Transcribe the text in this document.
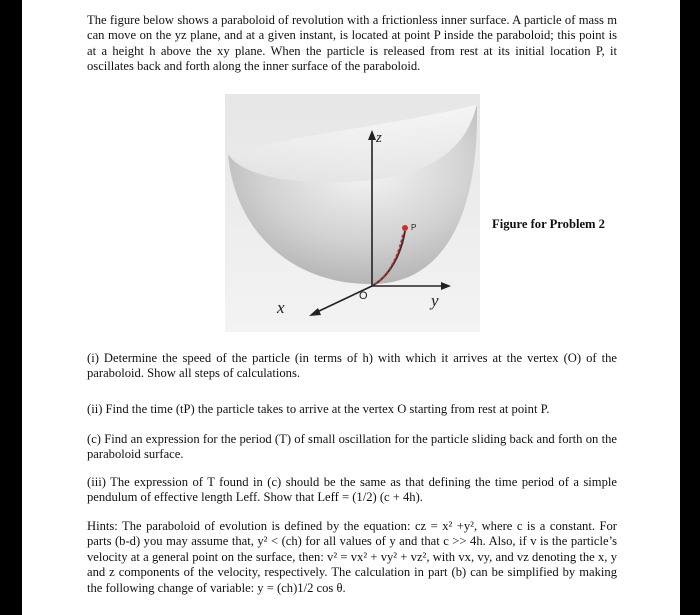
The figure below shows a paraboloid of revolution with a frictionless inner surface. A particle of mass m can move on the yz plane, and at a given instant, is located at point P inside the paraboloid; this point is at a height h above the xy plane. When the particle is released from rest at its initial location P, it oscillates back and forth along the inner surface of the paraboloid.

z
P
O
x	y
Figure for Problem 2

(i) Determine the speed of the particle (in terms of h) with which it arrives at the vertex (O) of the paraboloid. Show all steps of calculations.

(ii) Find the time (tP) the particle takes to arrive at the vertex O starting from rest at point P.

(c) Find an expression for the period (T) of small oscillation for the particle sliding back and forth on the paraboloid surface.

(iii) The expression of T found in (c) should be the same as that defining the time period of a simple pendulum of effective length Leff. Show that Leff = (1/2) (c + 4h).

Hints: The paraboloid of evolution is defined by the equation: cz = x² +y², where c is a constant. For parts (b-d) you may assume that, y² < (ch) for all values of y and that c >> 4h. Also, if v is the particle’s velocity at a general point on the surface, then: v² = vx² + vy² + vz², with vx, vy, and vz denoting the x, y and z components of the velocity, respectively. The calculation in part (b) can be simplified by making the following change of variable: y = (ch)1/2 cos θ.
